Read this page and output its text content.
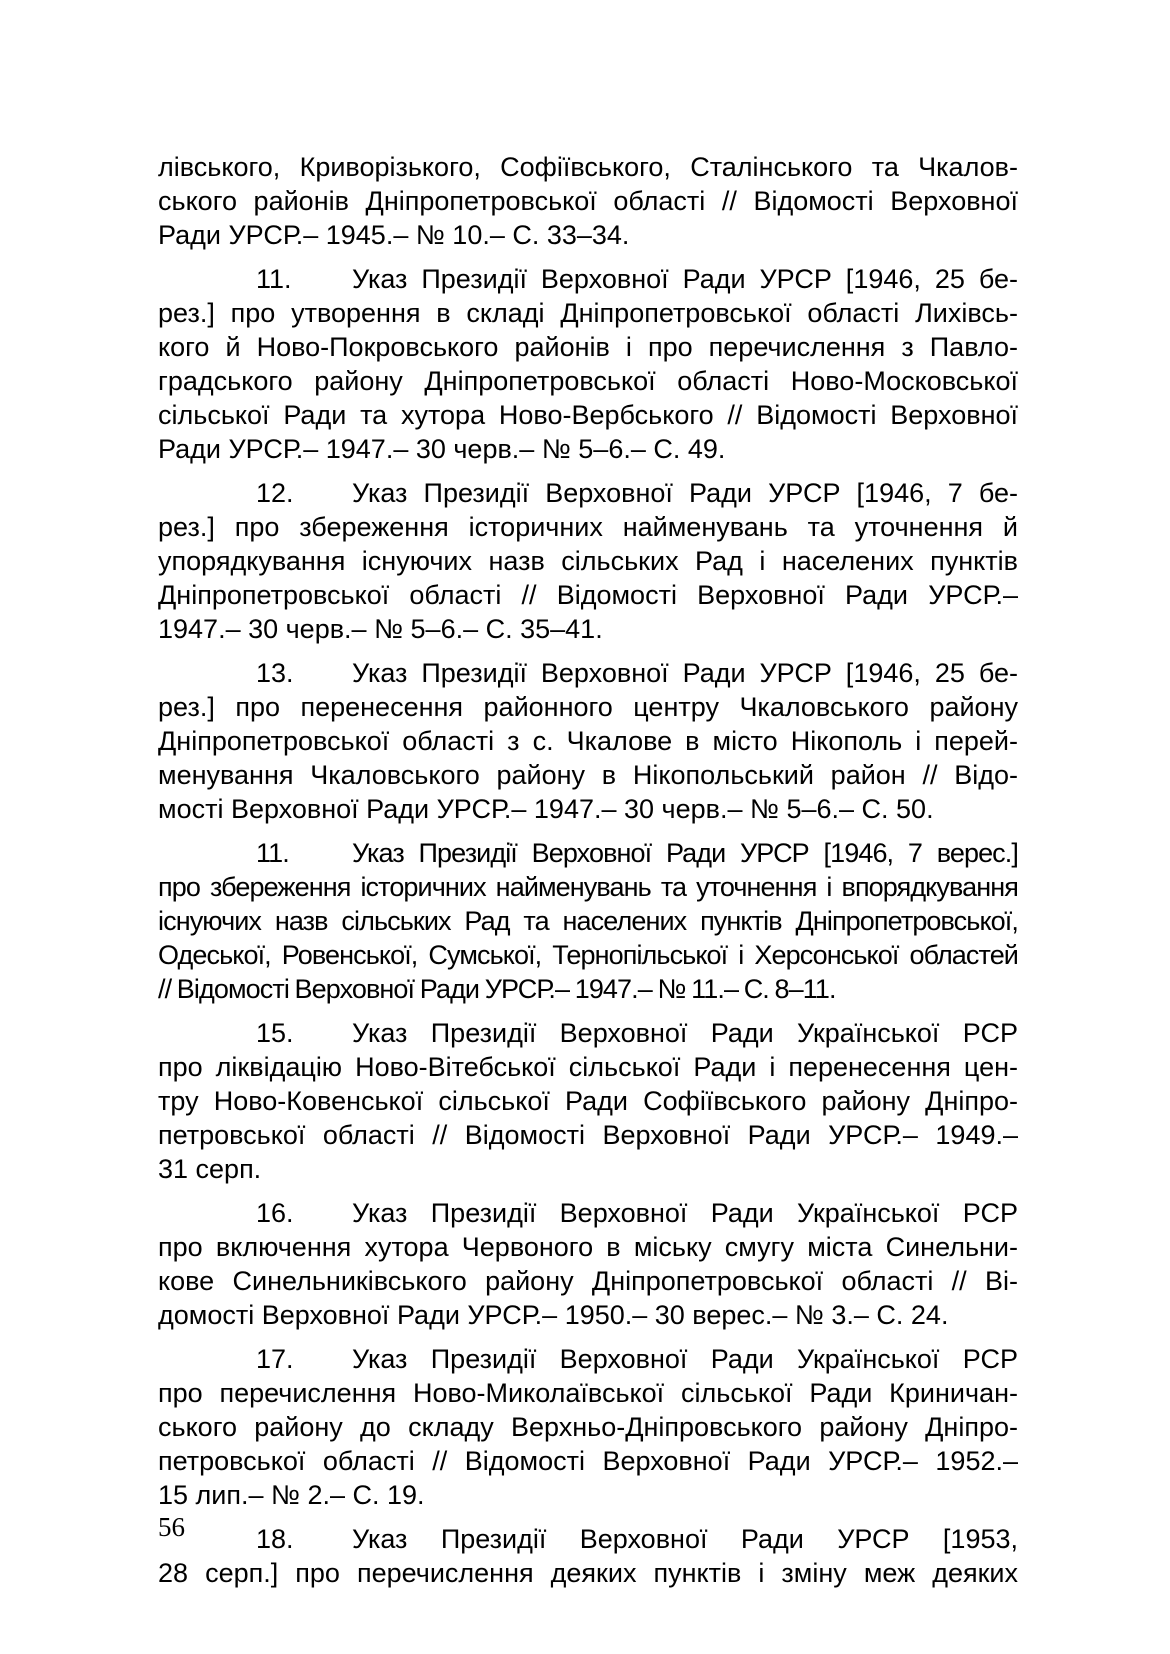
лівського, Криворізького, Софіївського, Сталінського та Чкалов-
ського районів Дніпропетровської області // Відомості Верховної
Ради УРСР.– 1945.– № 10.– С. 33–34.
11. Указ Президії Верховної Ради УРСР [1946, 25 бе-
рез.] про утворення в складі Дніпропетровської області Лихівсь-
кого й Ново-Покровського районів і про перечислення з Павло-
градського району Дніпропетровської області Ново-Московської
сільської Ради та хутора Ново-Вербського // Відомості Верховної
Ради УРСР.– 1947.– 30 черв.– № 5–6.– С. 49.
12. Указ Президії Верховної Ради УРСР [1946, 7 бе-
рез.] про збереження історичних найменувань та уточнення й
упорядкування існуючих назв сільських Рад і населених пунктів
Дніпропетровської області // Відомості Верховної Ради УРСР.–
1947.– 30 черв.– № 5–6.– С. 35–41.
13. Указ Президії Верховної Ради УРСР [1946, 25 бе-
рез.] про перенесення районного центру Чкаловського району
Дніпропетровської області з с. Чкалове в місто Нікополь і перей-
менування Чкаловського району в Нікопольський район // Відо-
мості Верховної Ради УРСР.– 1947.– 30 черв.– № 5–6.– С. 50.
11. Указ Президії Верховної Ради УРСР [1946, 7 верес.]
про збереження історичних найменувань та уточнення і впорядкування
існуючих назв сільських Рад та населених пунктів Дніпропетровської,
Одеської, Ровенської, Сумської, Тернопільської і Херсонської областей
// Відомості Верховної Ради УРСР.– 1947.– № 11.– С. 8–11.
15. Указ Президії Верховної Ради Української РСР
про ліквідацію Ново-Вітебської сільської Ради і перенесення цен-
тру Ново-Ковенської сільської Ради Софіївського району Дніпро-
петровської області // Відомості Верховної Ради УРСР.– 1949.–
31 серп.
16. Указ Президії Верховної Ради Української РСР
про включення хутора Червоного в міську смугу міста Синельни-
кове Синельниківського району Дніпропетровської області // Ві-
домості Верховної Ради УРСР.– 1950.– 30 верес.– № 3.– С. 24.
17. Указ Президії Верховної Ради Української РСР
про перечислення Ново-Миколаївської сільської Ради Криничан-
ського району до складу Верхньо-Дніпровського району Дніпро-
петровської області // Відомості Верховної Ради УРСР.– 1952.–
15 лип.– № 2.– С. 19.
18. Указ Президії Верховної Ради УРСР [1953,
28 серп.] про перечислення деяких пунктів і зміну меж деяких
56
